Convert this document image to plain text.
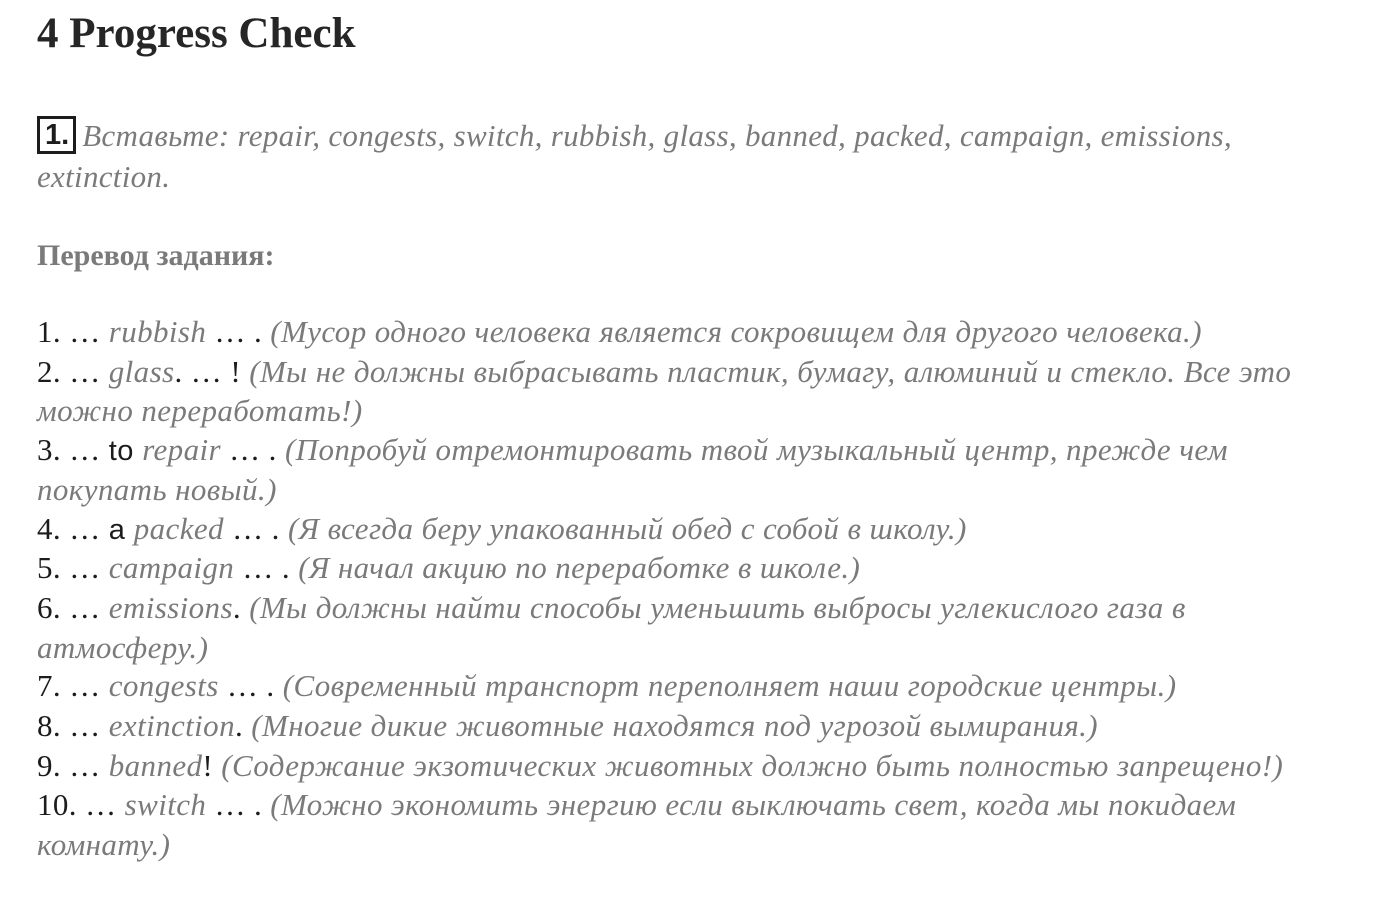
4 Progress Check
1. Вставьте: repair, congests, switch, rubbish, glass, banned, packed, campaign, emissions, extinction.
Перевод задания:

1. … rubbish … . (Мусор одного человека является сокровищем для другого человека.)

2. … glass. … ! (Мы не должны выбрасывать пластик, бумагу, алюминий и стекло. Все это можно переработать!)

3. … to repair … . (Попробуй отремонтировать твой музыкальный центр, прежде чем покупать новый.)

4. … a packed … . (Я всегда беру упакованный обед с собой в школу.)

5. … campaign … . (Я начал акцию по переработке в школе.)

6. … emissions. (Мы должны найти способы уменьшить выбросы углекислого газа в атмосферу.)

7. … congests … . (Современный транспорт переполняет наши городские центры.)

8. … extinction. (Многие дикие животные находятся под угрозой вымирания.)

9. … banned! (Содержание экзотических животных должно быть полностью запрещено!)

10. … switch … . (Можно экономить энергию если выключать свет, когда мы покидаем комнату.)
